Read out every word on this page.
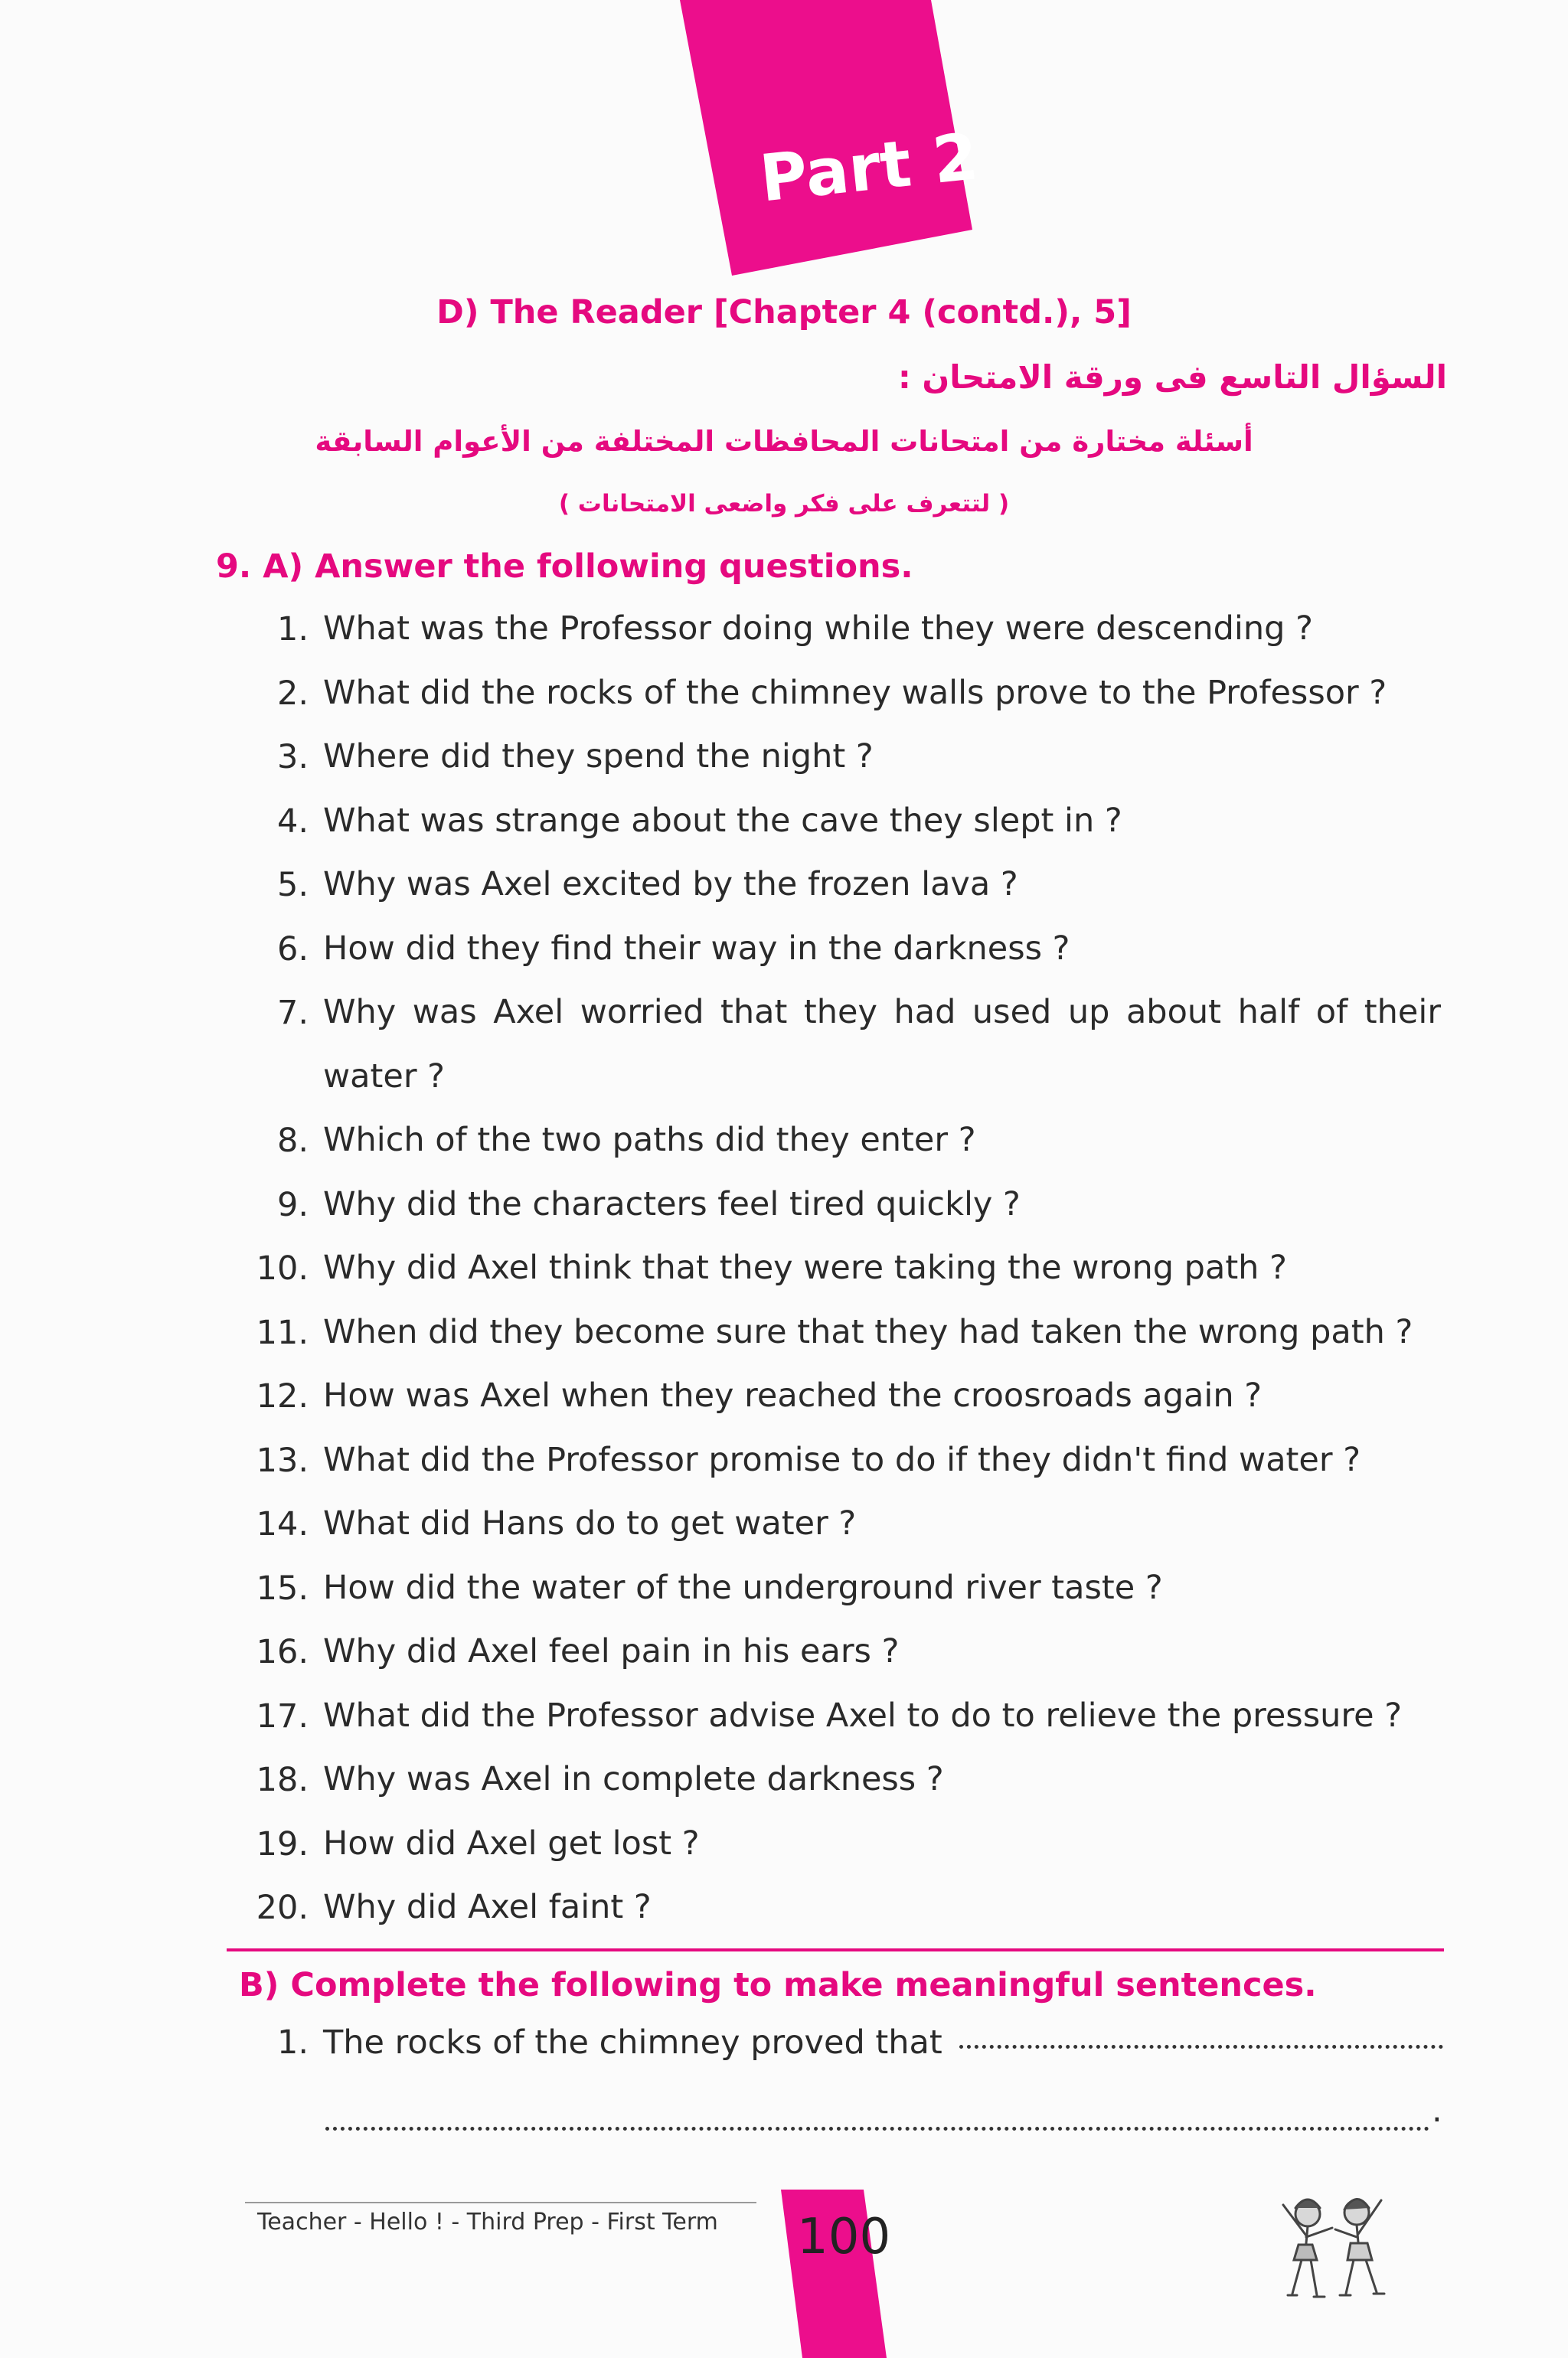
Part 2
D) The Reader [Chapter 4 (contd.), 5]
السؤال التاسع فى ورقة الامتحان :
أسئلة مختارة من امتحانات المحافظات المختلفة من الأعوام السابقة
( لتتعرف على فكر واضعى الامتحانات )
9. A) Answer the following questions.
1. What was the Professor doing while they were descending ?
2. What did the rocks of the chimney walls prove to the Professor ?
3. Where did they spend the night ?
4. What was strange about the cave they slept in ?
5. Why was Axel excited by the frozen lava ?
6. How did they find their way in the darkness ?
7. Why was Axel worried that they had used up about half of their water ?
8. Which of the two paths did they enter ?
9. Why did the characters feel tired quickly ?
10. Why did Axel think that they were taking the wrong path ?
11. When did they become sure that they had taken the wrong path ?
12. How was Axel when they reached the croosroads again ?
13. What did the Professor promise to do if they didn't find water ?
14. What did Hans do to get water ?
15. How did the water of the underground river taste ?
16. Why did Axel feel pain in his ears ?
17. What did the Professor advise Axel to do to relieve the pressure ?
18. Why was Axel in complete darkness ?
19. How did Axel get lost ?
20. Why did Axel faint ?
B) Complete the following to make meaningful sentences.
1. The rocks of the chimney proved that
.
Teacher - Hello ! - Third Prep - First Term 100
